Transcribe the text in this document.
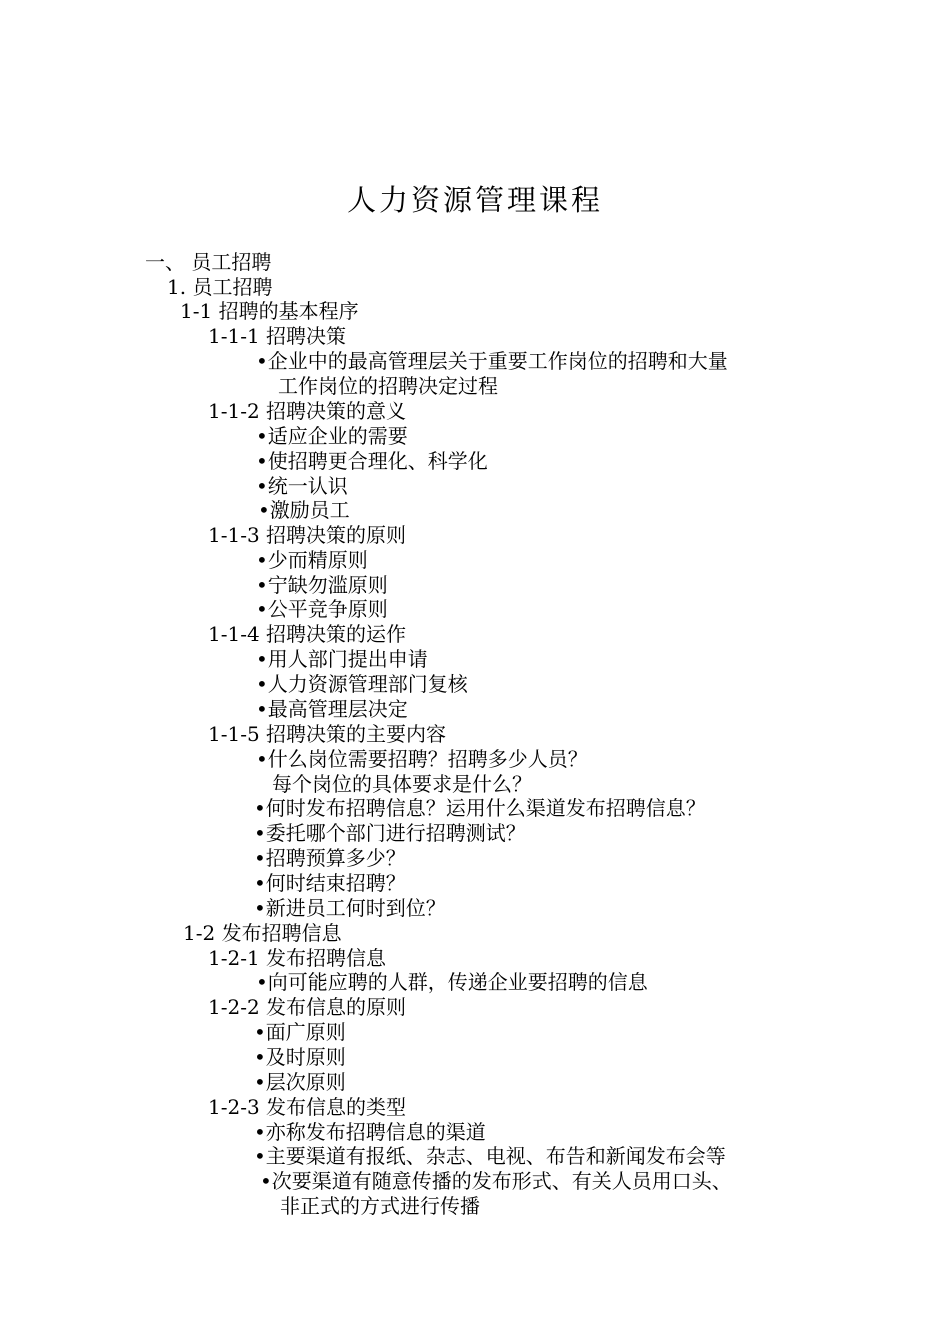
人力资源管理课程
一、 员工招聘
1. 员工招聘
1-1 招聘的基本程序
1-1-1 招聘决策
•企业中的最高管理层关于重要工作岗位的招聘和大量
工作岗位的招聘决定过程
1-1-2 招聘决策的意义
•适应企业的需要
•使招聘更合理化、科学化
•统一认识
•激励员工
1-1-3 招聘决策的原则
•少而精原则
•宁缺勿滥原则
•公平竞争原则
1-1-4 招聘决策的运作
•用人部门提出申请
•人力资源管理部门复核
•最高管理层决定
1-1-5 招聘决策的主要内容
•什么岗位需要招聘？招聘多少人员？
每个岗位的具体要求是什么？
•何时发布招聘信息？运用什么渠道发布招聘信息？
•委托哪个部门进行招聘测试？
•招聘预算多少？
•何时结束招聘？
•新进员工何时到位？
1-2 发布招聘信息
1-2-1 发布招聘信息
•向可能应聘的人群，传递企业要招聘的信息
1-2-2 发布信息的原则
•面广原则
•及时原则
•层次原则
1-2-3 发布信息的类型
•亦称发布招聘信息的渠道
•主要渠道有报纸、杂志、电视、布告和新闻发布会等
•次要渠道有随意传播的发布形式、有关人员用口头、
非正式的方式进行传播
